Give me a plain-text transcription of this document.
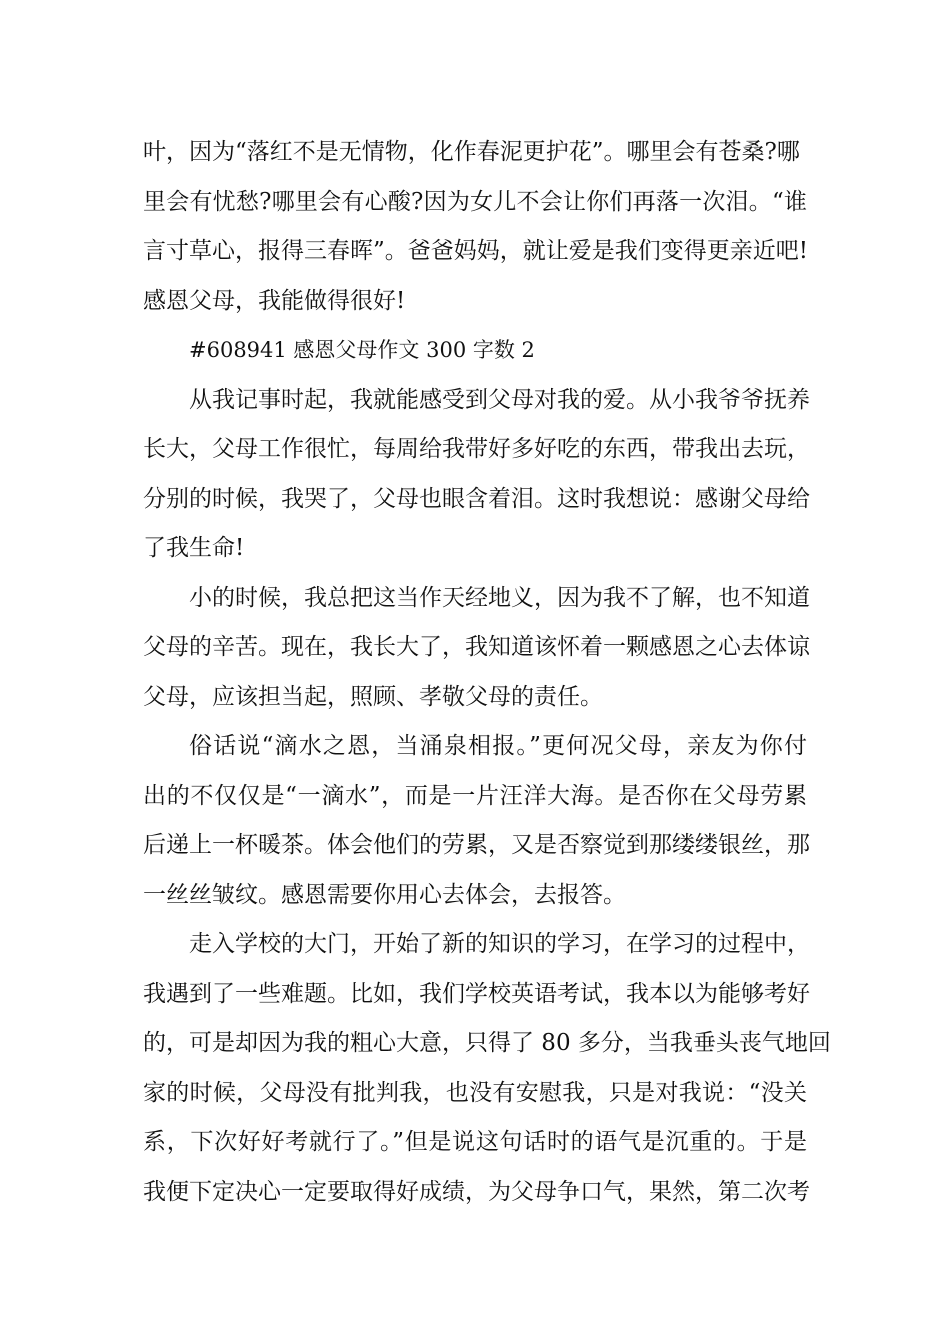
叶，因为“落红不是无情物，化作春泥更护花”。哪里会有苍桑?哪
里会有忧愁?哪里会有心酸?因为女儿不会让你们再落一次泪。“谁
言寸草心，报得三春晖”。爸爸妈妈，就让爱是我们变得更亲近吧!
感恩父母，我能做得很好!
#608941 感恩父母作文 300 字数 2
从我记事时起，我就能感受到父母对我的爱。从小我爷爷抚养
长大，父母工作很忙，每周给我带好多好吃的东西，带我出去玩，
分别的时候，我哭了，父母也眼含着泪。这时我想说：感谢父母给
了我生命!
小的时候，我总把这当作天经地义，因为我不了解，也不知道
父母的辛苦。现在，我长大了，我知道该怀着一颗感恩之心去体谅
父母，应该担当起，照顾、孝敬父母的责任。
俗话说“滴水之恩，当涌泉相报。”更何况父母，亲友为你付
出的不仅仅是“一滴水”，而是一片汪洋大海。是否你在父母劳累
后递上一杯暖茶。体会他们的劳累，又是否察觉到那缕缕银丝，那
一丝丝皱纹。感恩需要你用心去体会，去报答。
走入学校的大门，开始了新的知识的学习，在学习的过程中，
我遇到了一些难题。比如，我们学校英语考试，我本以为能够考好
的，可是却因为我的粗心大意，只得了 80 多分，当我垂头丧气地回
家的时候，父母没有批判我，也没有安慰我，只是对我说：“没关
系，下次好好考就行了。”但是说这句话时的语气是沉重的。于是
我便下定决心一定要取得好成绩，为父母争口气，果然，第二次考
